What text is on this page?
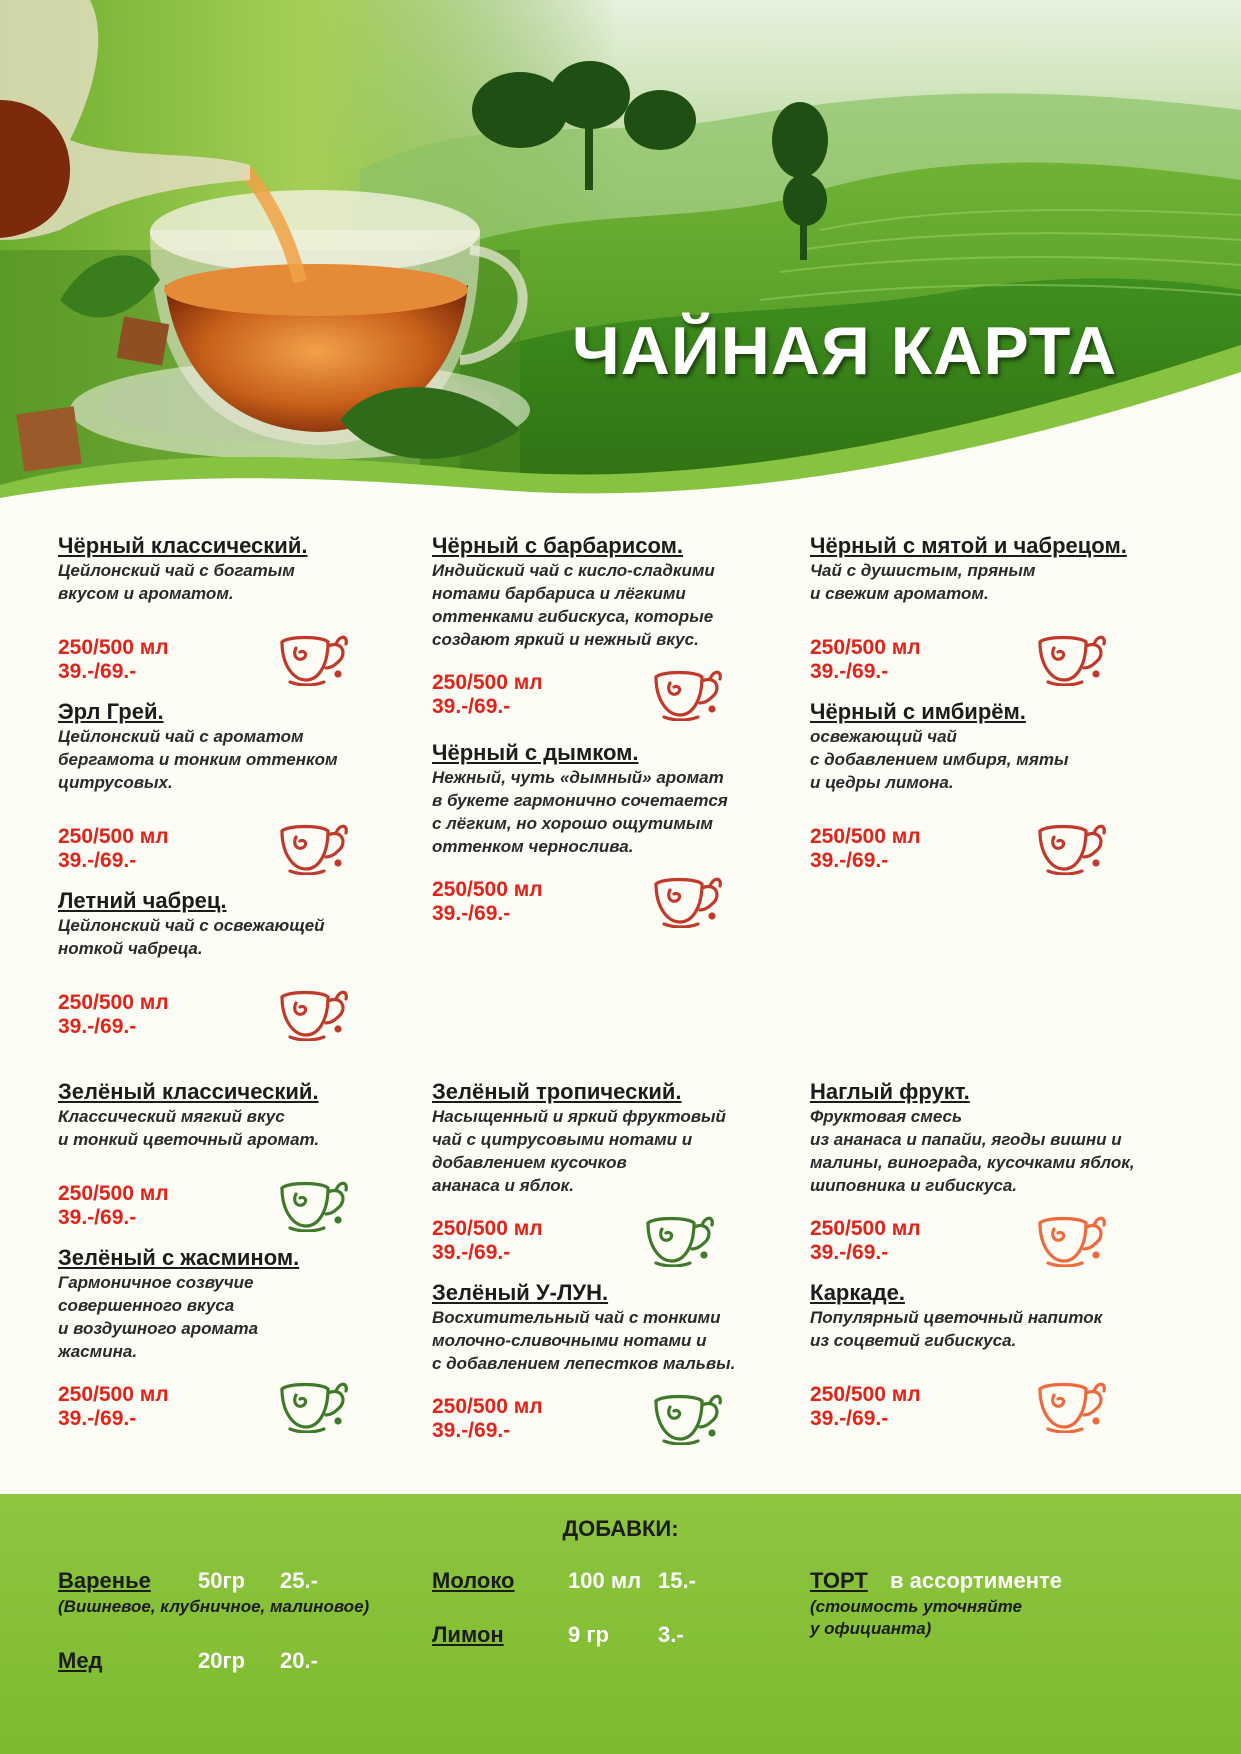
ЧАЙНАЯ КАРТА
Чёрный классический.
Цейлонский чай с богатым
вкусом и ароматом.
250/500 мл
39.-/69.-
Эрл Грей.
Цейлонский чай с ароматом
бергамота и тонким оттенком
цитрусовых.
250/500 мл
39.-/69.-
Летний чабрец.
Цейлонский чай с освежающей
ноткой чабреца.
250/500 мл
39.-/69.-
Чёрный с барбарисом.
Индийский чай с кисло-сладкими
нотами барбариса и лёгкими
оттенками гибискуса, которые
создают яркий и нежный вкус.
250/500 мл
39.-/69.-
Чёрный с дымком.
Нежный, чуть «дымный» аромат
в букете гармонично сочетается
с лёгким, но хорошо ощутимым
оттенком чернослива.
250/500 мл
39.-/69.-
Чёрный с мятой и чабрецом.
Чай с душистым, пряным
и свежим ароматом.
250/500 мл
39.-/69.-
Чёрный с имбирём.
освежающий чай
с добавлением имбиря, мяты
и цедры лимона.
250/500 мл
39.-/69.-
Зелёный классический.
Классический мягкий вкус
и тонкий цветочный аромат.
250/500 мл
39.-/69.-
Зелёный с жасмином.
Гармоничное созвучие
совершенного вкуса
и воздушного аромата
жасмина.
250/500 мл
39.-/69.-
Зелёный тропический.
Насыщенный и яркий фруктовый
чай с цитрусовыми нотами и
добавлением кусочков
ананаса и яблок.
250/500 мл
39.-/69.-
Зелёный У-ЛУН.
Восхитительный чай с тонкими
молочно-сливочными нотами и
с добавлением лепестков мальвы.
250/500 мл
39.-/69.-
Наглый фрукт.
Фруктовая смесь
из ананаса и папайи, ягоды вишни и
малины, винограда, кусочками яблок,
шиповника и гибискуса.
250/500 мл
39.-/69.-
Каркаде.
Популярный цветочный напиток
из соцветий гибискуса.
250/500 мл
39.-/69.-
ДОБАВКИ:
Варенье 50гр 25.-
(Вишневое, клубничное, малиновое)
Мед	20гр 20.-
Молоко 100 мл 15.-
Лимон	9 гр 3.-
ТОРТ в ассортименте
(стоимость уточняйте
у официанта)
